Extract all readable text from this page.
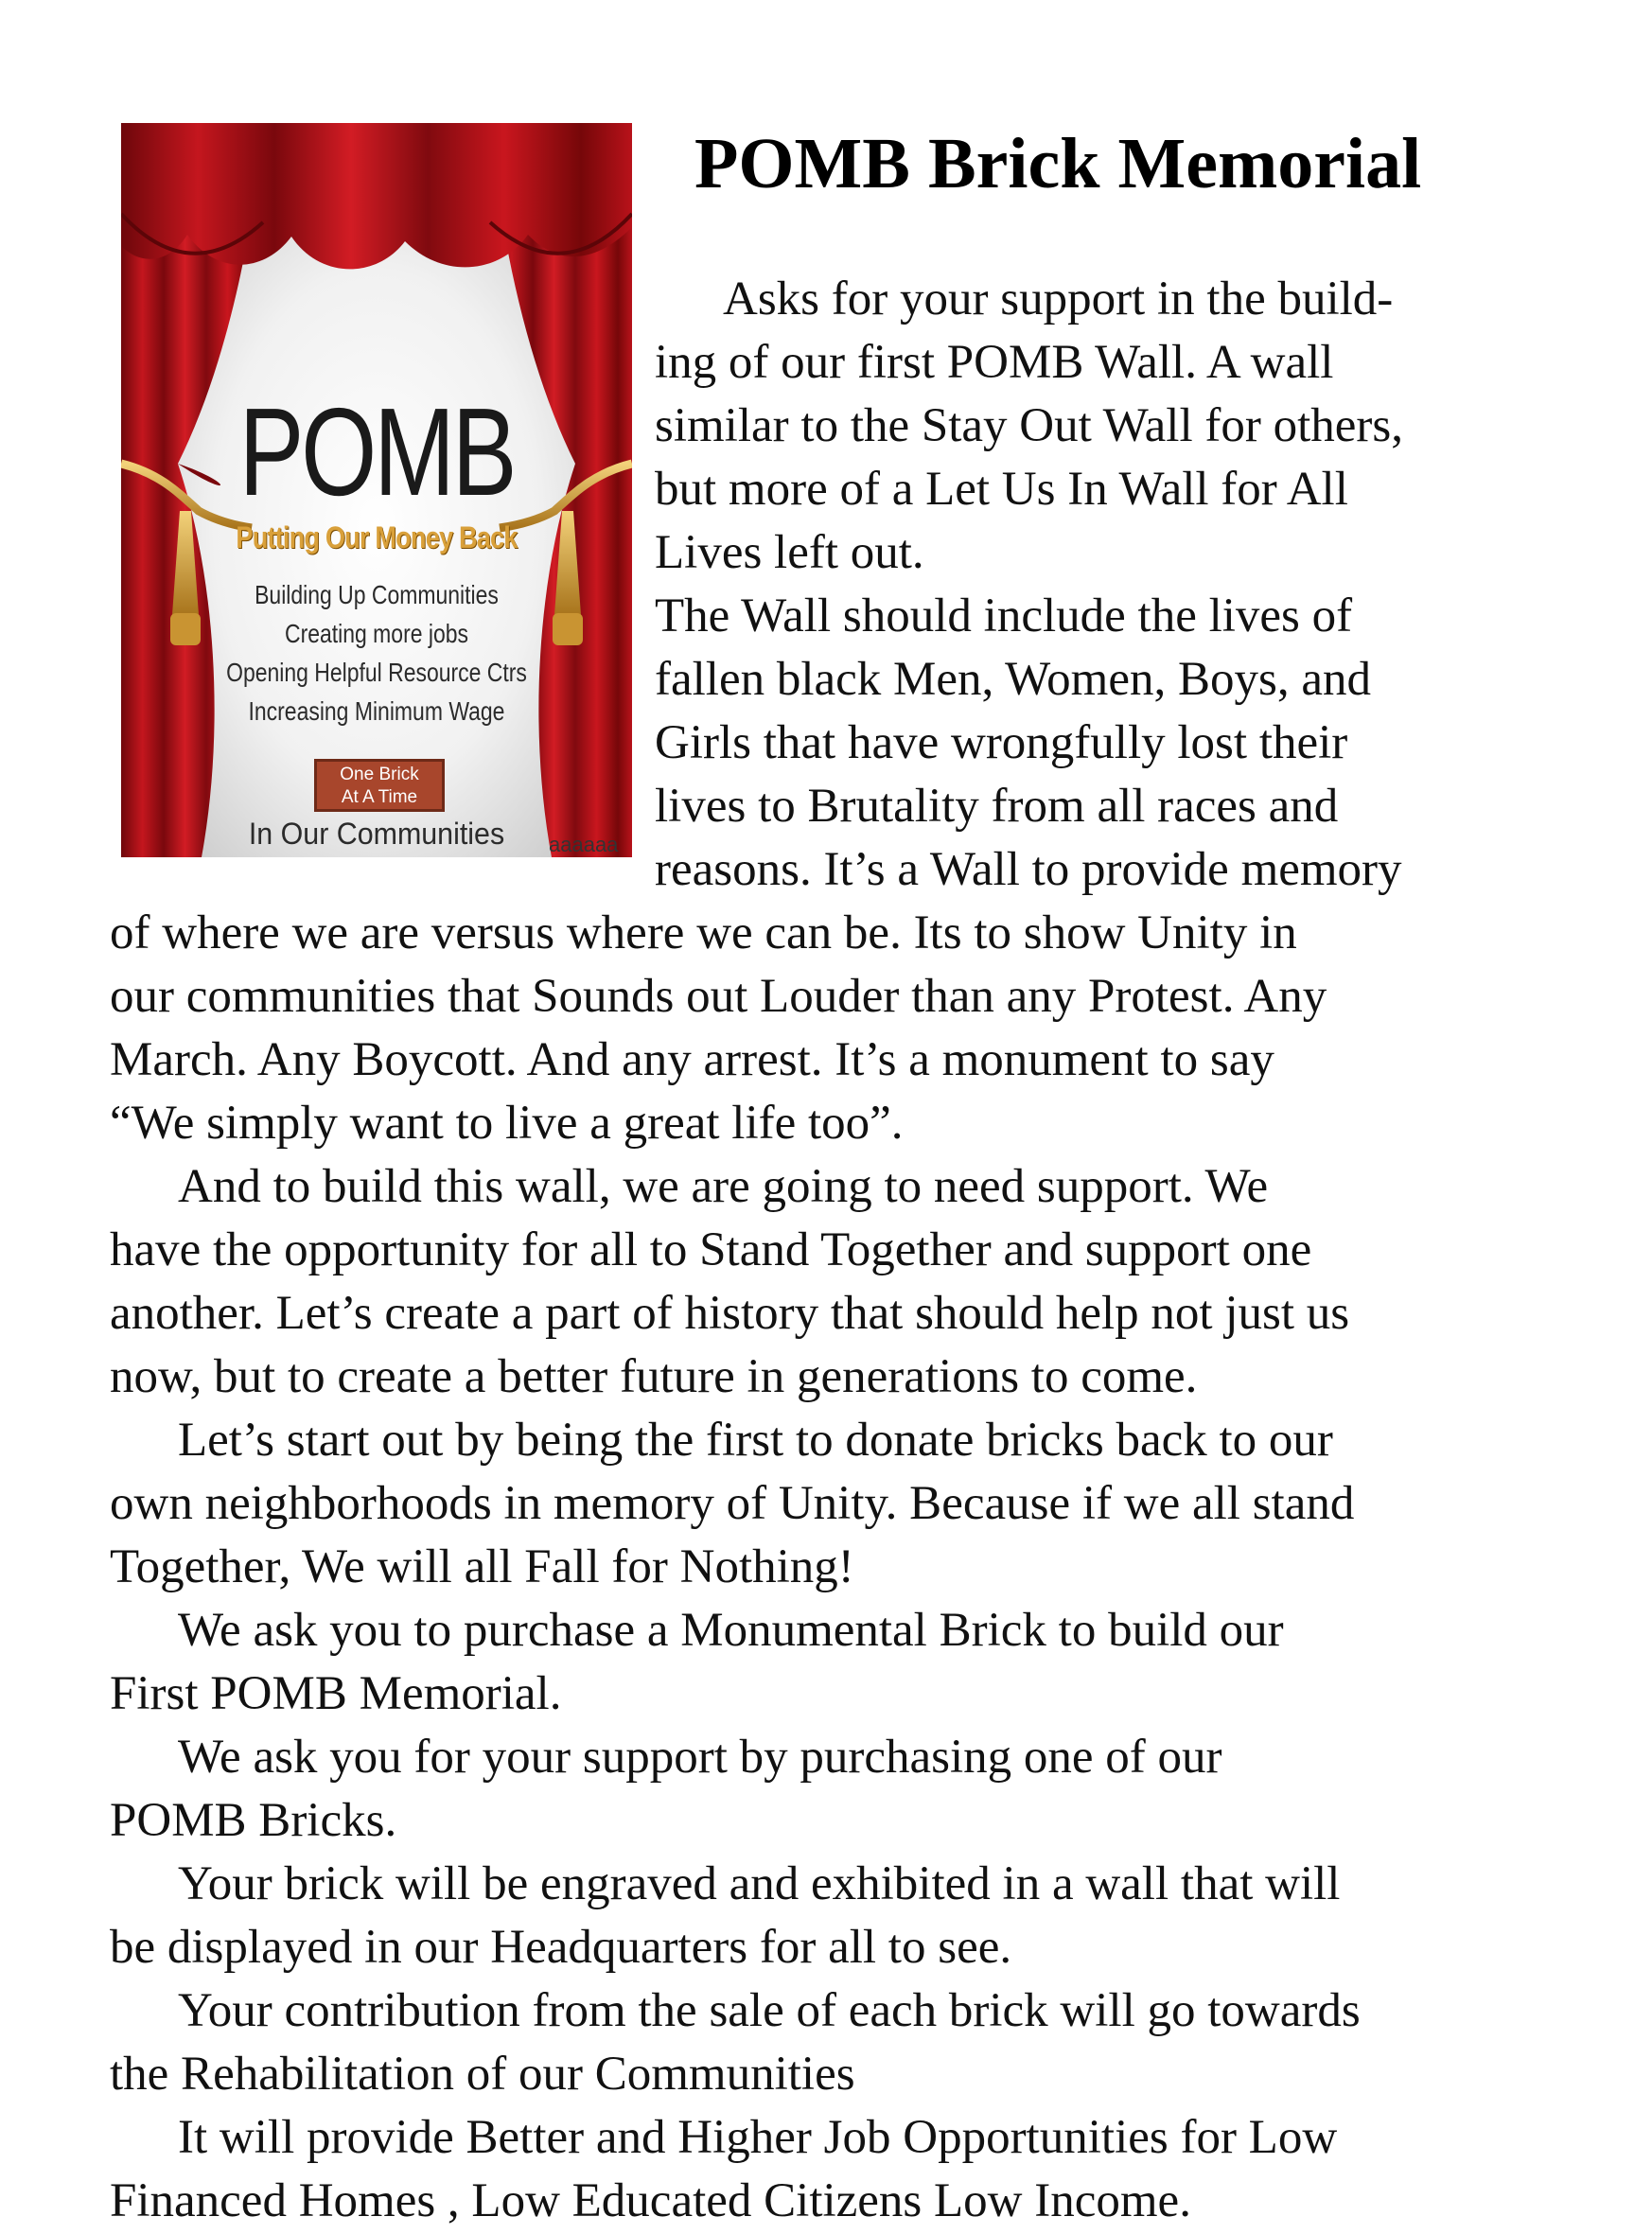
POMB
Putting Our Money Back
Building Up Communities
Creating more jobs
Opening Helpful Resource Ctrs
Increasing Minimum Wage
One Brick
At A Time
In Our Communities	aaaaaa
POMB Brick Memorial
Asks for your support in the build-
ing of our first POMB Wall. A wall
similar to the Stay Out Wall for others,
but more of a Let Us In Wall for All
Lives left out.
The Wall should include the lives of
fallen black Men, Women, Boys, and
Girls that have wrongfully lost their
lives to Brutality from all races and
reasons. It’s a Wall to provide memory
of where we are versus where we can be. Its to show Unity in
our communities that Sounds out Louder than any Protest. Any
March. Any Boycott. And any arrest. It’s a monument to say
“We simply want to live a great life too”.
And to build this wall, we are going to need support. We
have the opportunity for all to Stand Together and support one
another. Let’s create a part of history that should help not just us
now, but to create a better future in generations to come.
Let’s start out by being the first to donate bricks back to our
own neighborhoods in memory of Unity. Because if we all stand
Together, We will all Fall for Nothing!
We ask you to purchase a Monumental Brick to build our
First POMB Memorial.
We ask you for your support by purchasing one of our
POMB Bricks.
Your brick will be engraved and exhibited in a wall that will
be displayed in our Headquarters for all to see.
Your contribution from the sale of each brick will go towards
the Rehabilitation of our Communities
It will provide Better and Higher Job Opportunities for Low
Financed Homes , Low Educated Citizens Low Income.
